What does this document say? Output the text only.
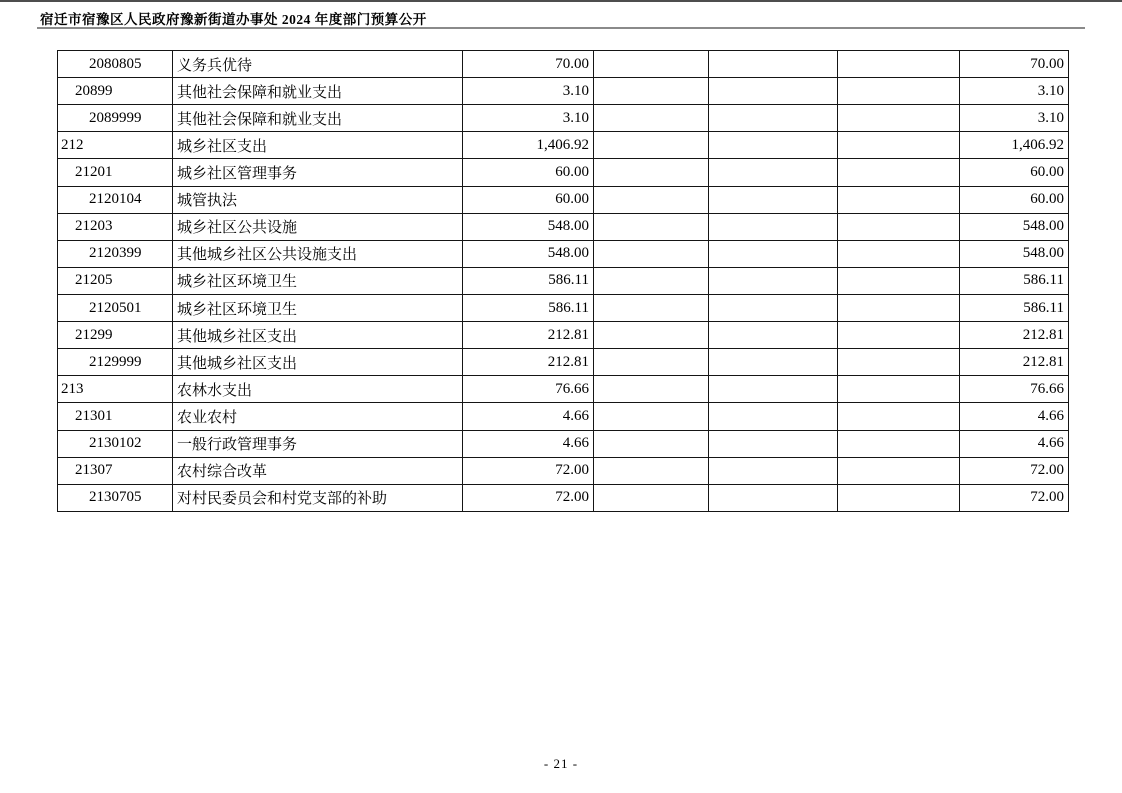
宿迁市宿豫区人民政府豫新街道办事处 2024 年度部门预算公开
2080805	义务兵优待	70.00				70.00
20899	其他社会保障和就业支出	3.10				3.10
2089999	其他社会保障和就业支出	3.10				3.10
212	城乡社区支出	1,406.92				1,406.92
21201	城乡社区管理事务	60.00				60.00
2120104	城管执法	60.00				60.00
21203	城乡社区公共设施	548.00				548.00
2120399	其他城乡社区公共设施支出	548.00				548.00
21205	城乡社区环境卫生	586.11				586.11
2120501	城乡社区环境卫生	586.11				586.11
21299	其他城乡社区支出	212.81				212.81
2129999	其他城乡社区支出	212.81				212.81
213	农林水支出	76.66				76.66
21301	农业农村	4.66				4.66
2130102	一般行政管理事务	4.66				4.66
21307	农村综合改革	72.00				72.00
2130705	对村民委员会和村党支部的补助	72.00				72.00
- 21 -
